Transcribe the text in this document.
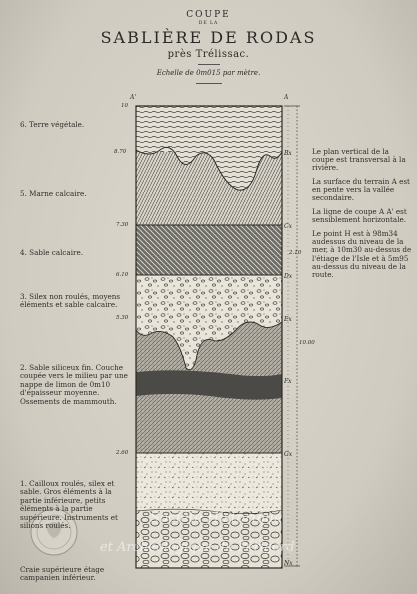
COUPE
DE LA
SABLIÈRE DE RODAS
près Trélissac.
Echelle de 0m015 par mètre.
10
8.70
7.30
6.10
5.30
2.60
A'	A
Bx
Cx
Dx
Ex
Fx
Gx
Nx
2.10
10.00
6. Terre végétale.
5. Marne calcaire.
4. Sable calcaire.
3. Silex non roulés, moyens éléments et sable calcaire.
2. Sable siliceux fin. Couche coupée vers le milieu par une nappe de limon de 0m10 d'épaisseur moyenne. Ossements de mammouth.
1. Cailloux roulés, silex et sable. Gros éléments à la partie inférieure, petits éléments à la partie supérieure. Instruments et silions roulés.
Craie supérieure étage campanien inférieur.
Le plan vertical de la coupe est transversal à la rivière.
La surface du terrain A est en pente vers la vallée secondaire.
La ligne de coupe A A' est sensiblement horizontale.
Le point H est à 98m34 audessus du niveau de la mer, à 10m30 au-dessus de l'étiage de l'Isle et à 5m95 au-dessus du niveau de la route.
Société Historique
et Archéologique du Périgord
